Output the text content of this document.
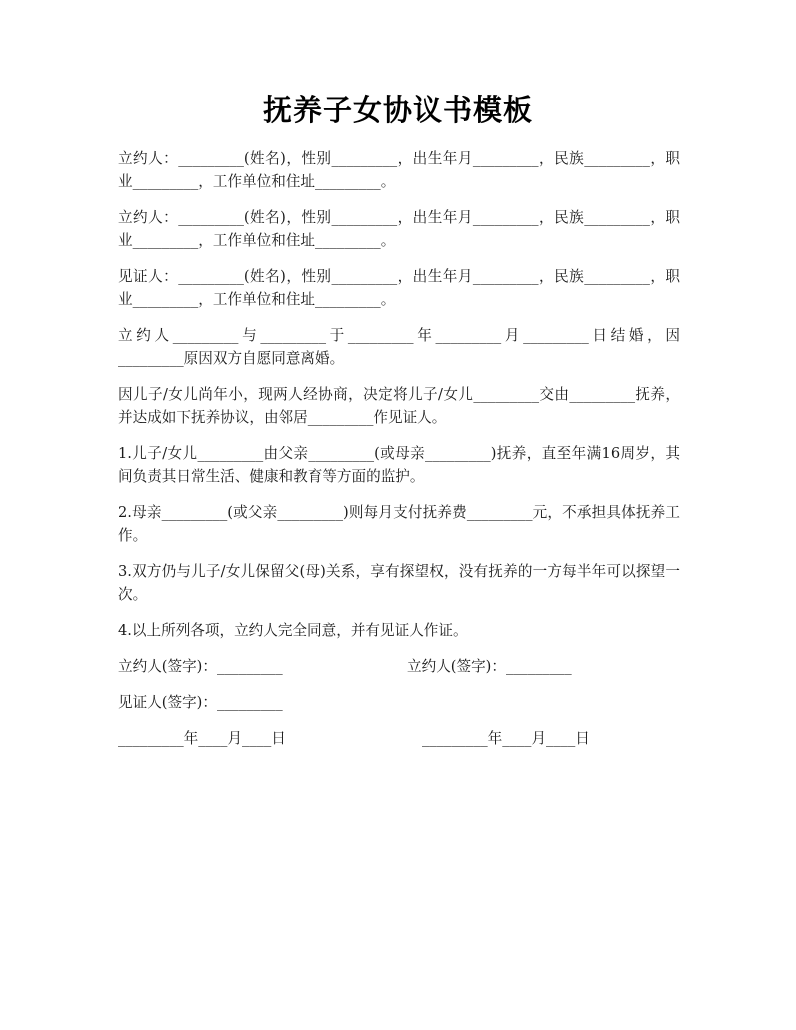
抚养子女协议书模板

立约人：_________(姓名)，性别_________，出生年月_________，民族_________，职业_________，工作单位和住址_________。

立约人：_________(姓名)，性别_________，出生年月_________，民族_________，职业_________，工作单位和住址_________。

见证人：_________(姓名)，性别_________，出生年月_________，民族_________，职业_________，工作单位和住址_________。

立约人_________与_________于_________年_________月_________日结婚，因_________原因双方自愿同意离婚。

因儿子/女儿尚年小，现两人经协商，决定将儿子/女儿_________交由_________抚养，并达成如下抚养协议，由邻居_________作见证人。

1.儿子/女儿_________由父亲_________(或母亲_________)抚养，直至年满16周岁，其间负责其日常生活、健康和教育等方面的监护。

2.母亲_________(或父亲_________)则每月支付抚养费_________元，不承担具体抚养工作。

3.双方仍与儿子/女儿保留父(母)关系，享有探望权，没有抚养的一方每半年可以探望一次。

4.以上所列各项，立约人完全同意，并有见证人作证。

立约人(签字)：_________	立约人(签字)：_________
见证人(签字)：_________
_________年____月____日	_________年____月____日
